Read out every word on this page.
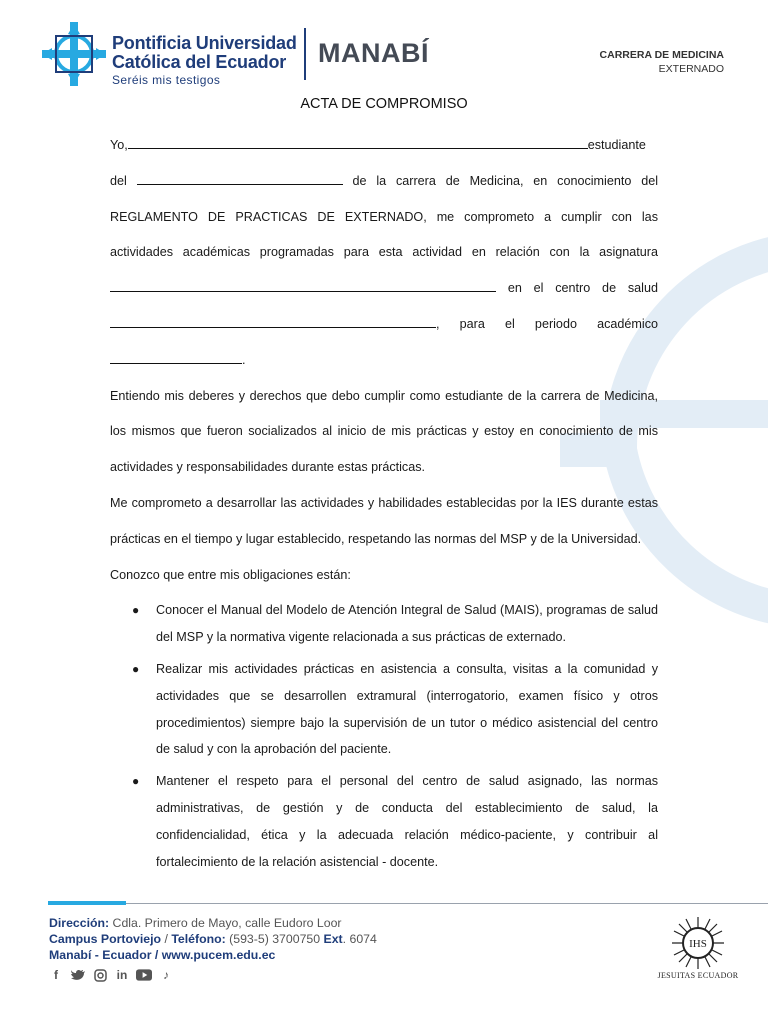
Pontificia Universidad
Católica del Ecuador
Seréis mis testigos
MANABÍ	CARRERA DE MEDICINA
EXTERNADO
ACTA DE COMPROMISO
Yo,	estudiante
del	de la carrera de Medicina, en conocimiento del
REGLAMENTO DE PRACTICAS DE EXTERNADO, me comprometo a cumplir con las
actividades académicas programadas para esta actividad en relación con la asignatura
en el centro de salud
, para el periodo académico
.

Entiendo mis deberes y derechos que debo cumplir como estudiante de la carrera de Medicina, los mismos que fueron socializados al inicio de mis prácticas y estoy en conocimiento de mis actividades y responsabilidades durante estas prácticas.

Me comprometo a desarrollar las actividades y habilidades establecidas por la IES durante estas prácticas en el tiempo y lugar establecido, respetando las normas del MSP y de la Universidad.

Conozco que entre mis obligaciones están:

● Conocer el Manual del Modelo de Atención Integral de Salud (MAIS), programas de salud del MSP y la normativa vigente relacionada a sus prácticas de externado.
● Realizar mis actividades prácticas en asistencia a consulta, visitas a la comunidad y actividades que se desarrollen extramural (interrogatorio, examen físico y otros procedimientos) siempre bajo la supervisión de un tutor o médico asistencial del centro de salud y con la aprobación del paciente.
● Mantener el respeto para el personal del centro de salud asignado, las normas administrativas, de gestión y de conducta del establecimiento de salud, la confidencialidad, ética y la adecuada relación médico-paciente, y contribuir al fortalecimiento de la relación asistencial - docente.
Dirección: Cdla. Primero de Mayo, calle Eudoro Loor
Campus Portoviejo / Teléfono: (593-5) 3700750 Ext. 6074
Manabí - Ecuador / www.pucem.edu.ec
f	in	♪
IHS
JESUITAS ECUADOR
